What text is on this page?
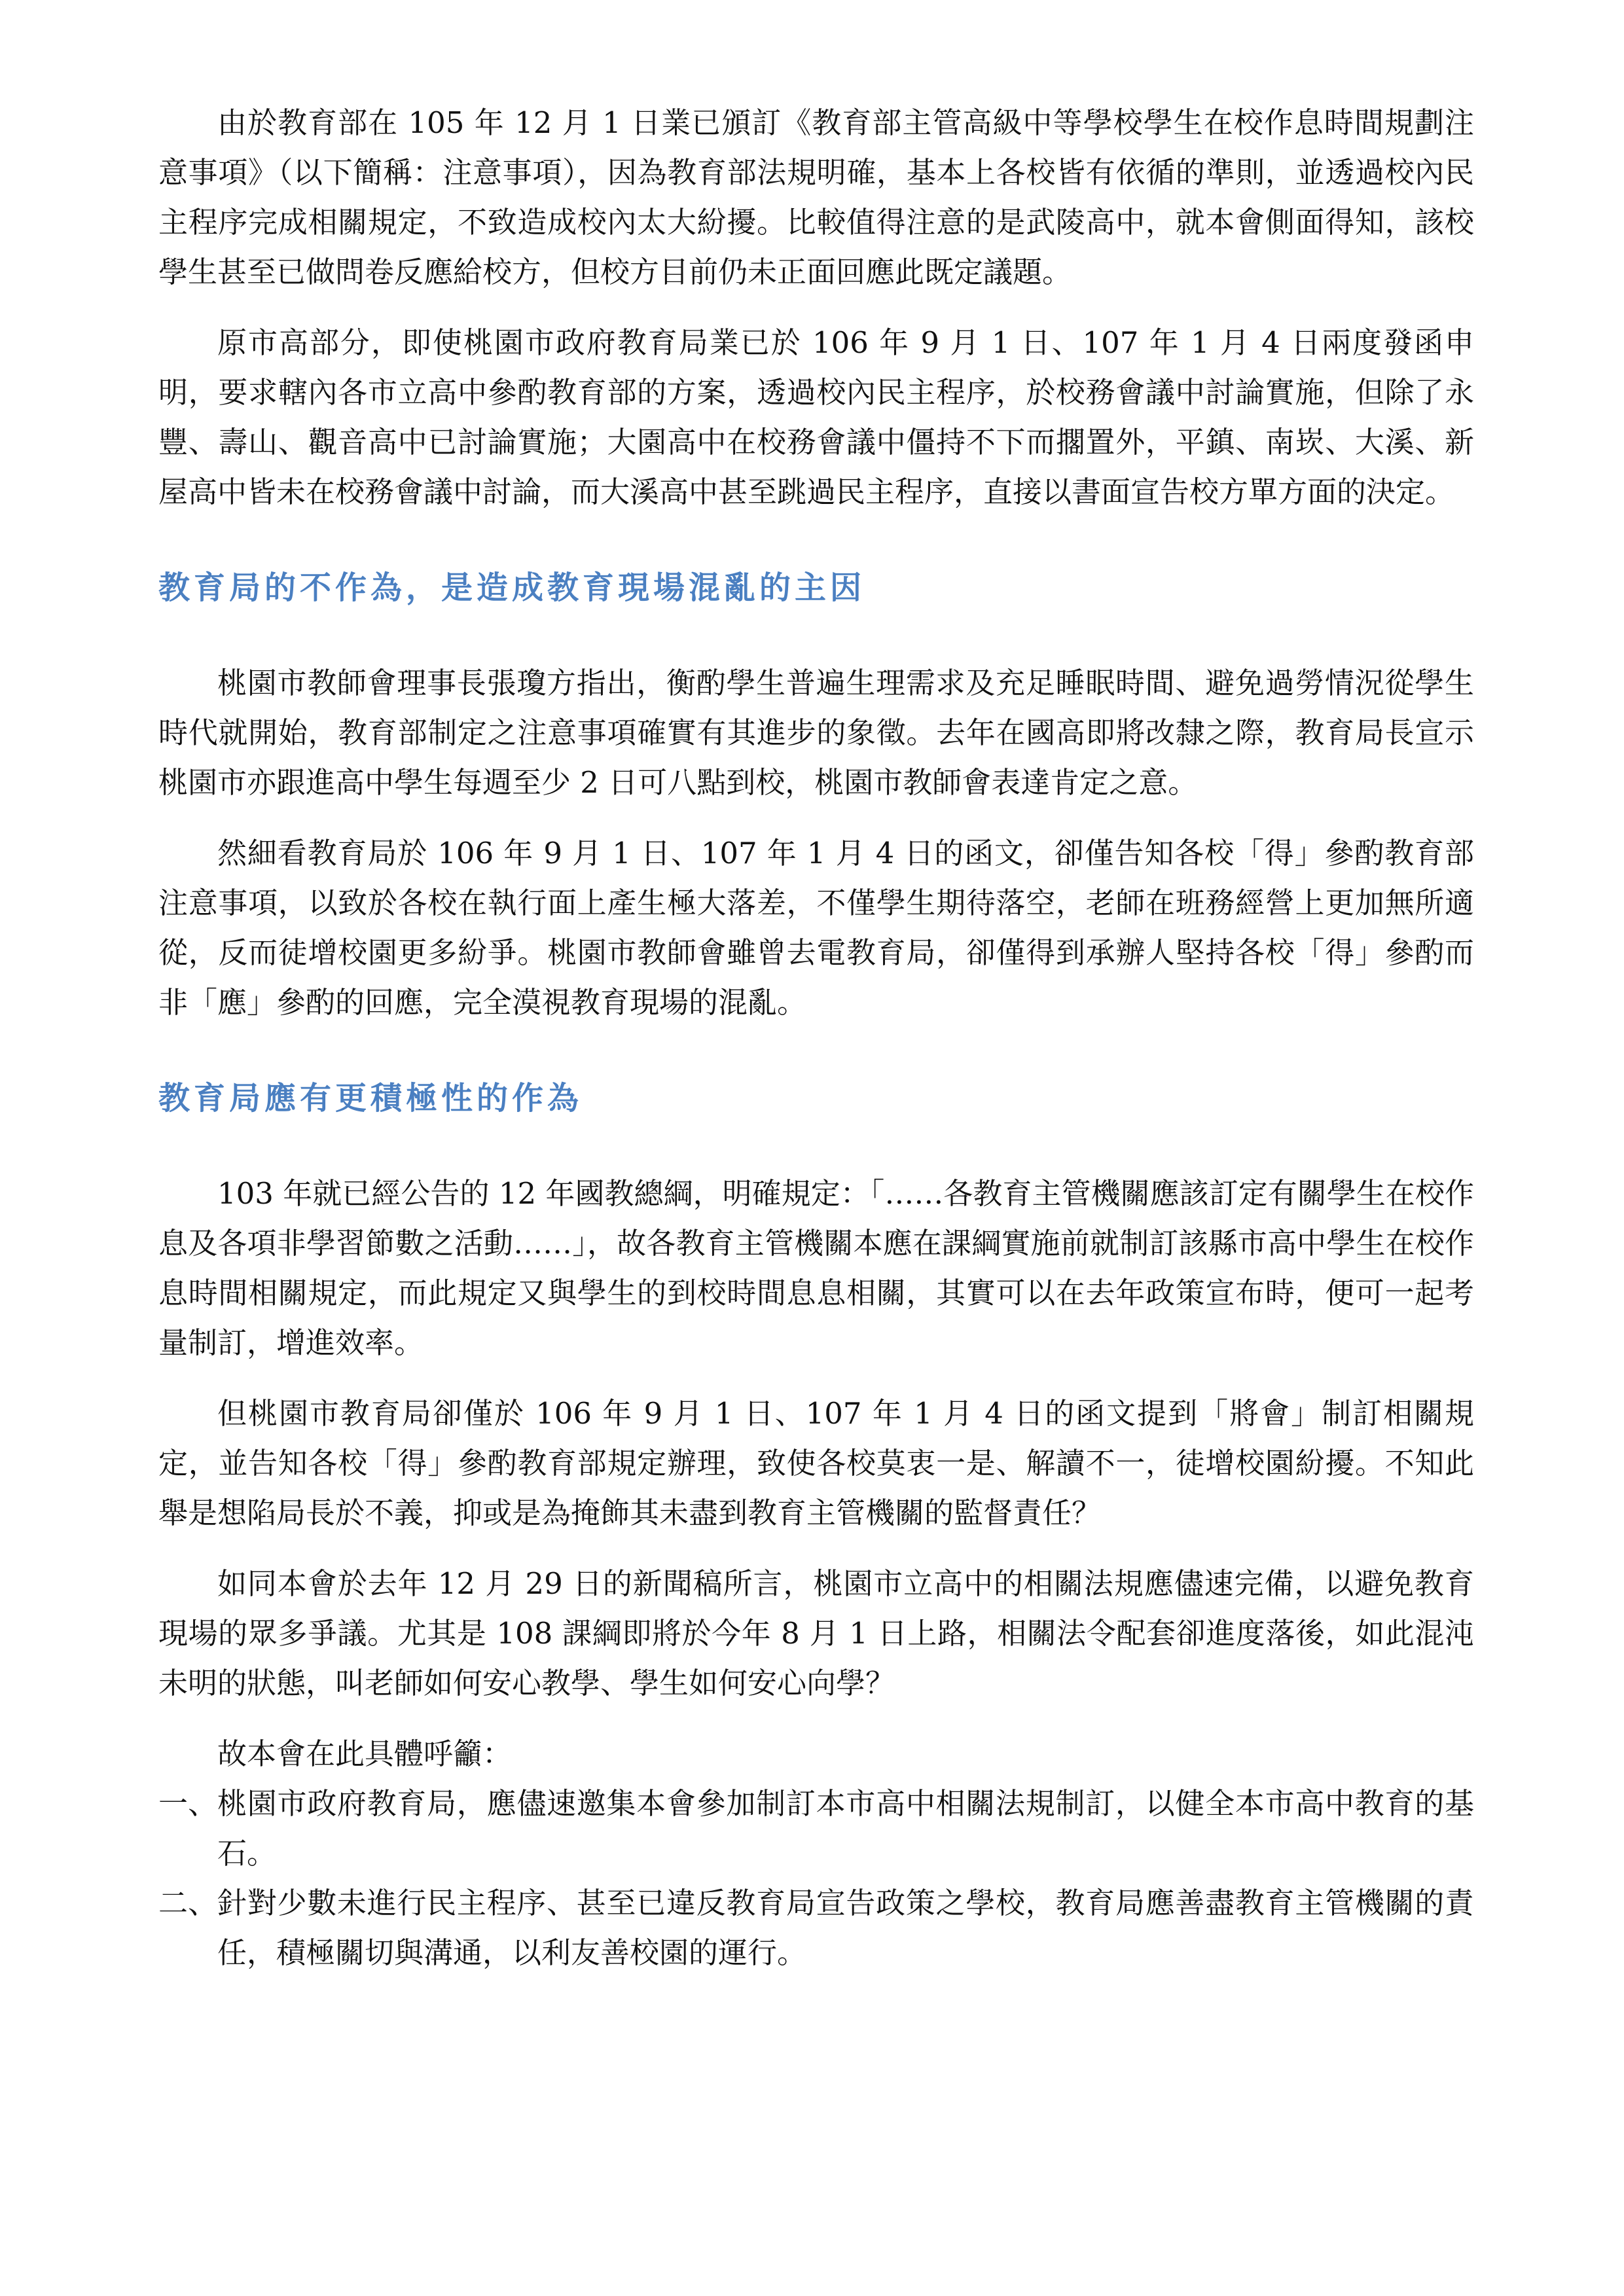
由於教育部在 105 年 12 月 1 日業已頒訂《教育部主管高級中等學校學生在校作息時間規劃注意事項》（以下簡稱：注意事項），因為教育部法規明確，基本上各校皆有依循的準則，並透過校內民主程序完成相關規定，不致造成校內太大紛擾。比較值得注意的是武陵高中，就本會側面得知，該校學生甚至已做問卷反應給校方，但校方目前仍未正面回應此既定議題。

原市高部分，即使桃園市政府教育局業已於 106 年 9 月 1 日、107 年 1 月 4 日兩度發函申明，要求轄內各市立高中參酌教育部的方案，透過校內民主程序，於校務會議中討論實施，但除了永豐、壽山、觀音高中已討論實施；大園高中在校務會議中僵持不下而擱置外，平鎮、南崁、大溪、新屋高中皆未在校務會議中討論，而大溪高中甚至跳過民主程序，直接以書面宣告校方單方面的決定。

教育局的不作為，是造成教育現場混亂的主因

桃園市教師會理事長張瓊方指出，衡酌學生普遍生理需求及充足睡眠時間、避免過勞情況從學生時代就開始，教育部制定之注意事項確實有其進步的象徵。去年在國高即將改隸之際，教育局長宣示桃園市亦跟進高中學生每週至少 2 日可八點到校，桃園市教師會表達肯定之意。

然細看教育局於 106 年 9 月 1 日、107 年 1 月 4 日的函文，卻僅告知各校「得」參酌教育部注意事項，以致於各校在執行面上產生極大落差，不僅學生期待落空，老師在班務經營上更加無所適從，反而徒增校園更多紛爭。桃園市教師會雖曾去電教育局，卻僅得到承辦人堅持各校「得」參酌而非「應」參酌的回應，完全漠視教育現場的混亂。

教育局應有更積極性的作為

103 年就已經公告的 12 年國教總綱，明確規定：「……各教育主管機關應該訂定有關學生在校作息及各項非學習節數之活動……」，故各教育主管機關本應在課綱實施前就制訂該縣市高中學生在校作息時間相關規定，而此規定又與學生的到校時間息息相關，其實可以在去年政策宣布時，便可一起考量制訂，增進效率。

但桃園市教育局卻僅於 106 年 9 月 1 日、107 年 1 月 4 日的函文提到「將會」制訂相關規定，並告知各校「得」參酌教育部規定辦理，致使各校莫衷一是、解讀不一，徒增校園紛擾。不知此舉是想陷局長於不義，抑或是為掩飾其未盡到教育主管機關的監督責任？

如同本會於去年 12 月 29 日的新聞稿所言，桃園市立高中的相關法規應儘速完備，以避免教育現場的眾多爭議。尤其是 108 課綱即將於今年 8 月 1 日上路，相關法令配套卻進度落後，如此混沌未明的狀態，叫老師如何安心教學、學生如何安心向學？

故本會在此具體呼籲：

一、 桃園市政府教育局，應儘速邀集本會參加制訂本市高中相關法規制訂，以健全本市高中教育的基石。
二、 針對少數未進行民主程序、甚至已違反教育局宣告政策之學校，教育局應善盡教育主管機關的責任，積極關切與溝通，以利友善校園的運行。
